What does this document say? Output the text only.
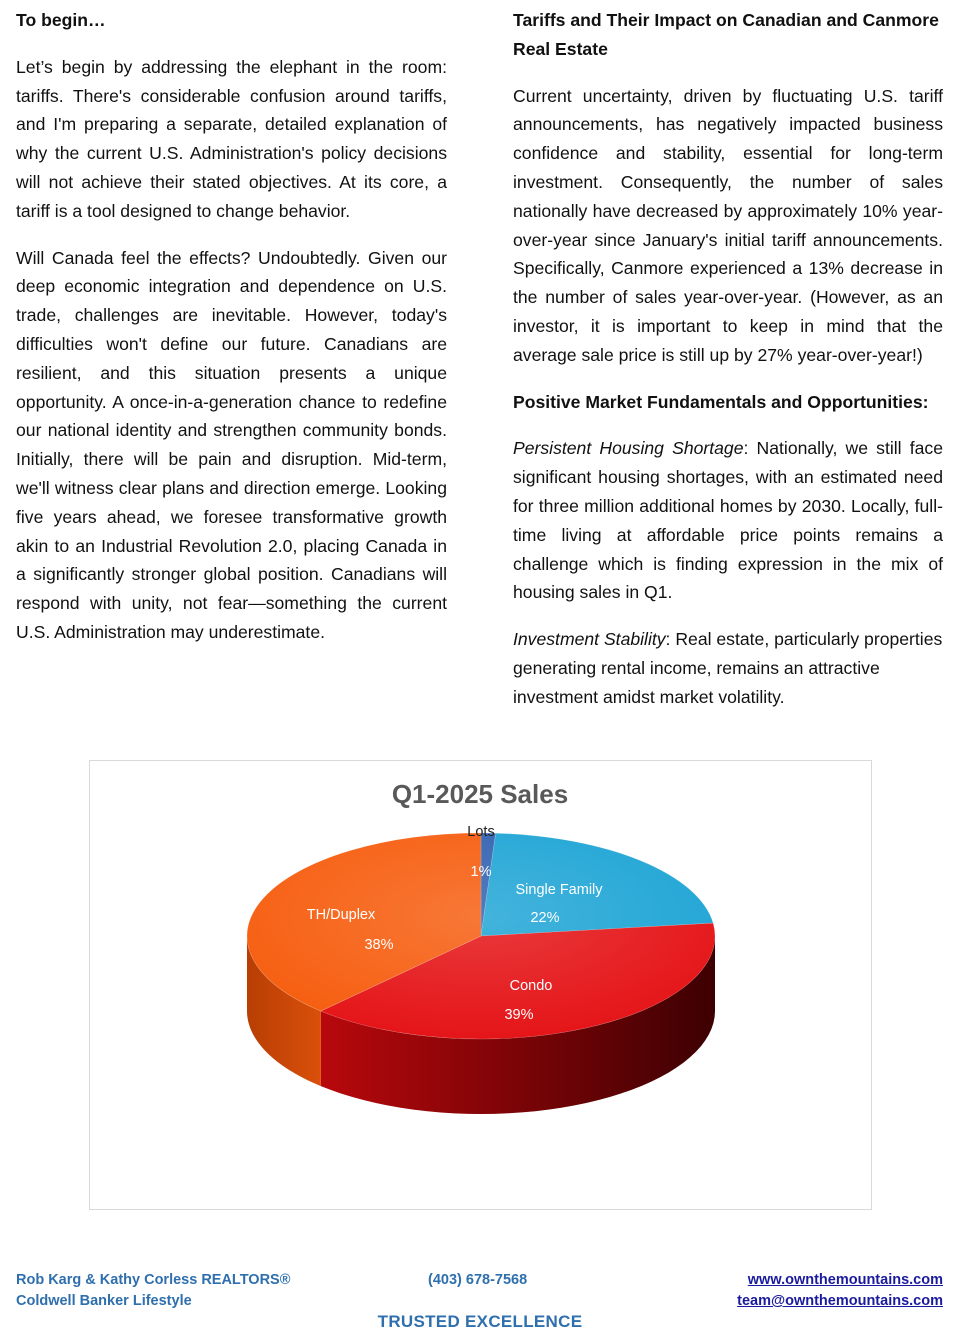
To begin…

Let’s begin by addressing the elephant in the room: tariffs. There's considerable confusion around tariffs, and I'm preparing a separate, detailed explanation of why the current U.S. Administration's policy decisions will not achieve their stated objectives. At its core, a tariff is a tool designed to change behavior.

Will Canada feel the effects? Undoubtedly. Given our deep economic integration and dependence on U.S. trade, challenges are inevitable. However, today's difficulties won't define our future. Canadians are resilient, and this situation presents a unique opportunity. A once-in-a-generation chance to redefine our national identity and strengthen community bonds. Initially, there will be pain and disruption. Mid-term, we'll witness clear plans and direction emerge. Looking five years ahead, we foresee transformative growth akin to an Industrial Revolution 2.0, placing Canada in a significantly stronger global position. Canadians will respond with unity, not fear—something the current U.S. Administration may underestimate.

Tariffs and Their Impact on Canadian and Canmore Real Estate

Current uncertainty, driven by fluctuating U.S. tariff announcements, has negatively impacted business confidence and stability, essential for long-term investment. Consequently, the number of sales nationally have decreased by approximately 10% year-over-year since January's initial tariff announcements. Specifically, Canmore experienced a 13% decrease in the number of sales year-over-year. (However, as an investor, it is important to keep in mind that the average sale price is still up by 27% year-over-year!)

Positive Market Fundamentals and Opportunities:

Persistent Housing Shortage: Nationally, we still face significant housing shortages, with an estimated need for three million additional homes by 2030. Locally, full-time living at affordable price points remains a challenge which is finding expression in the mix of housing sales in Q1.

Investment Stability: Real estate, particularly properties generating rental income, remains an attractive investment amidst market volatility.

Q1-2025 Sales
Lots
1%
Single Family
22%
Condo
39%
TH/Duplex
38%
Rob Karg & Kathy Corless REALTORS®
Coldwell Banker Lifestyle
(403) 678-7568	www.ownthemountains.com
team@ownthemountains.com
TRUSTED EXCELLENCE
